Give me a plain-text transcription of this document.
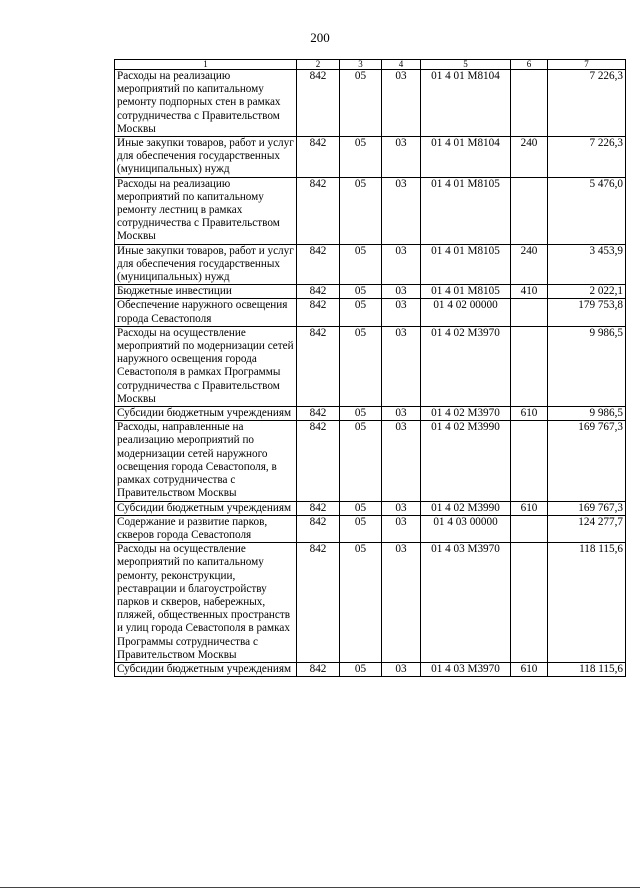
200
1	2	3	4	5	6	7
Расходы на реализацию мероприятий по капитальному ремонту подпорных стен в рамках сотрудничества с Правительством Москвы	842	05	03	01 4 01 M8104		7 226,3
Иные закупки товаров, работ и услуг для обеспечения государственных (муниципальных) нужд	842	05	03	01 4 01 M8104	240	7 226,3
Расходы на реализацию мероприятий по капитальному ремонту лестниц в рамках сотрудничества с Правительством Москвы	842	05	03	01 4 01 M8105		5 476,0
Иные закупки товаров, работ и услуг для обеспечения государственных (муниципальных) нужд	842	05	03	01 4 01 M8105	240	3 453,9
Бюджетные инвестиции	842	05	03	01 4 01 M8105	410	2 022,1
Обеспечение наружного освещения города Севастополя	842	05	03	01 4 02 00000		179 753,8
Расходы на осуществление мероприятий по модернизации сетей наружного освещения города Севастополя в рамках Программы сотрудничества с Правительством Москвы	842	05	03	01 4 02 M3970		9 986,5
Субсидии бюджетным учреждениям	842	05	03	01 4 02 M3970	610	9 986,5
Расходы, направленные на реализацию мероприятий по модернизации сетей наружного освещения города Севастополя, в рамках сотрудничества с Правительством Москвы	842	05	03	01 4 02 M3990		169 767,3
Субсидии бюджетным учреждениям	842	05	03	01 4 02 M3990	610	169 767,3
Содержание и развитие парков, скверов города Севастополя	842	05	03	01 4 03 00000		124 277,7
Расходы на осуществление мероприятий по капитальному ремонту, реконструкции, реставрации и благоустройству парков и скверов, набережных, пляжей, общественных пространств и улиц города Севастополя в рамках Программы сотрудничества с Правительством Москвы	842	05	03	01 4 03 M3970		118 115,6
Субсидии бюджетным учреждениям	842	05	03	01 4 03 M3970	610	118 115,6
